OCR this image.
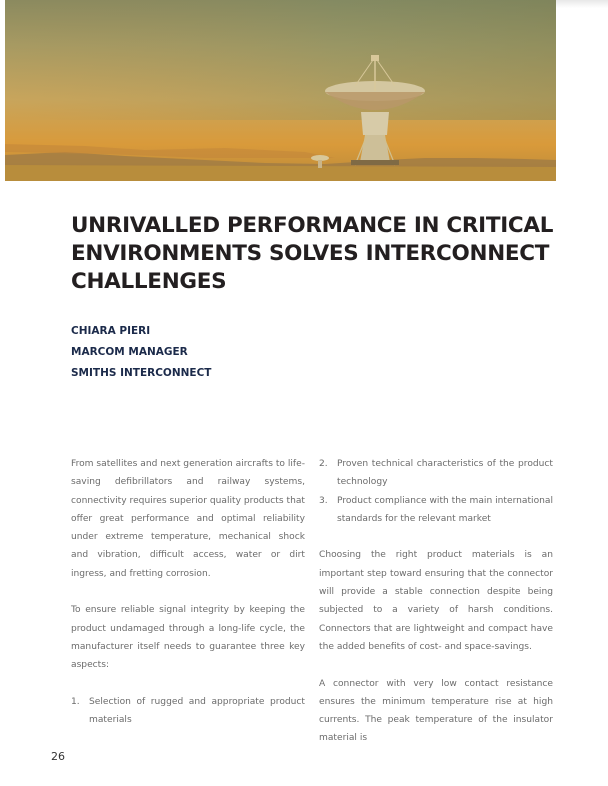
UNRIVALLED PERFORMANCE IN CRITICAL ENVIRONMENTS SOLVES INTERCONNECT CHALLENGES
CHIARA PIERI
MARCOM MANAGER
SMITHS INTERCONNECT

From satellites and next generation aircrafts to life-saving defibrillators and railway systems, connectivity requires superior quality products that offer great performance and optimal reliability under extreme temperature, mechanical shock and vibration, difficult access, water or dirt ingress, and fretting corrosion.

To ensure reliable signal integrity by keeping the product undamaged through a long-life cycle, the manufacturer itself needs to guarantee three key aspects:

1. Selection of rugged and appropriate product materials
2. Proven technical characteristics of the product technology
3. Product compliance with the main international standards for the relevant market

Choosing the right product materials is an important step toward ensuring that the connector will provide a stable connection despite being subjected to a variety of harsh conditions. Connectors that are lightweight and compact have the added benefits of cost- and space-savings.

A connector with very low contact resistance ensures the minimum temperature rise at high currents. The peak temperature of the insulator material is

26
